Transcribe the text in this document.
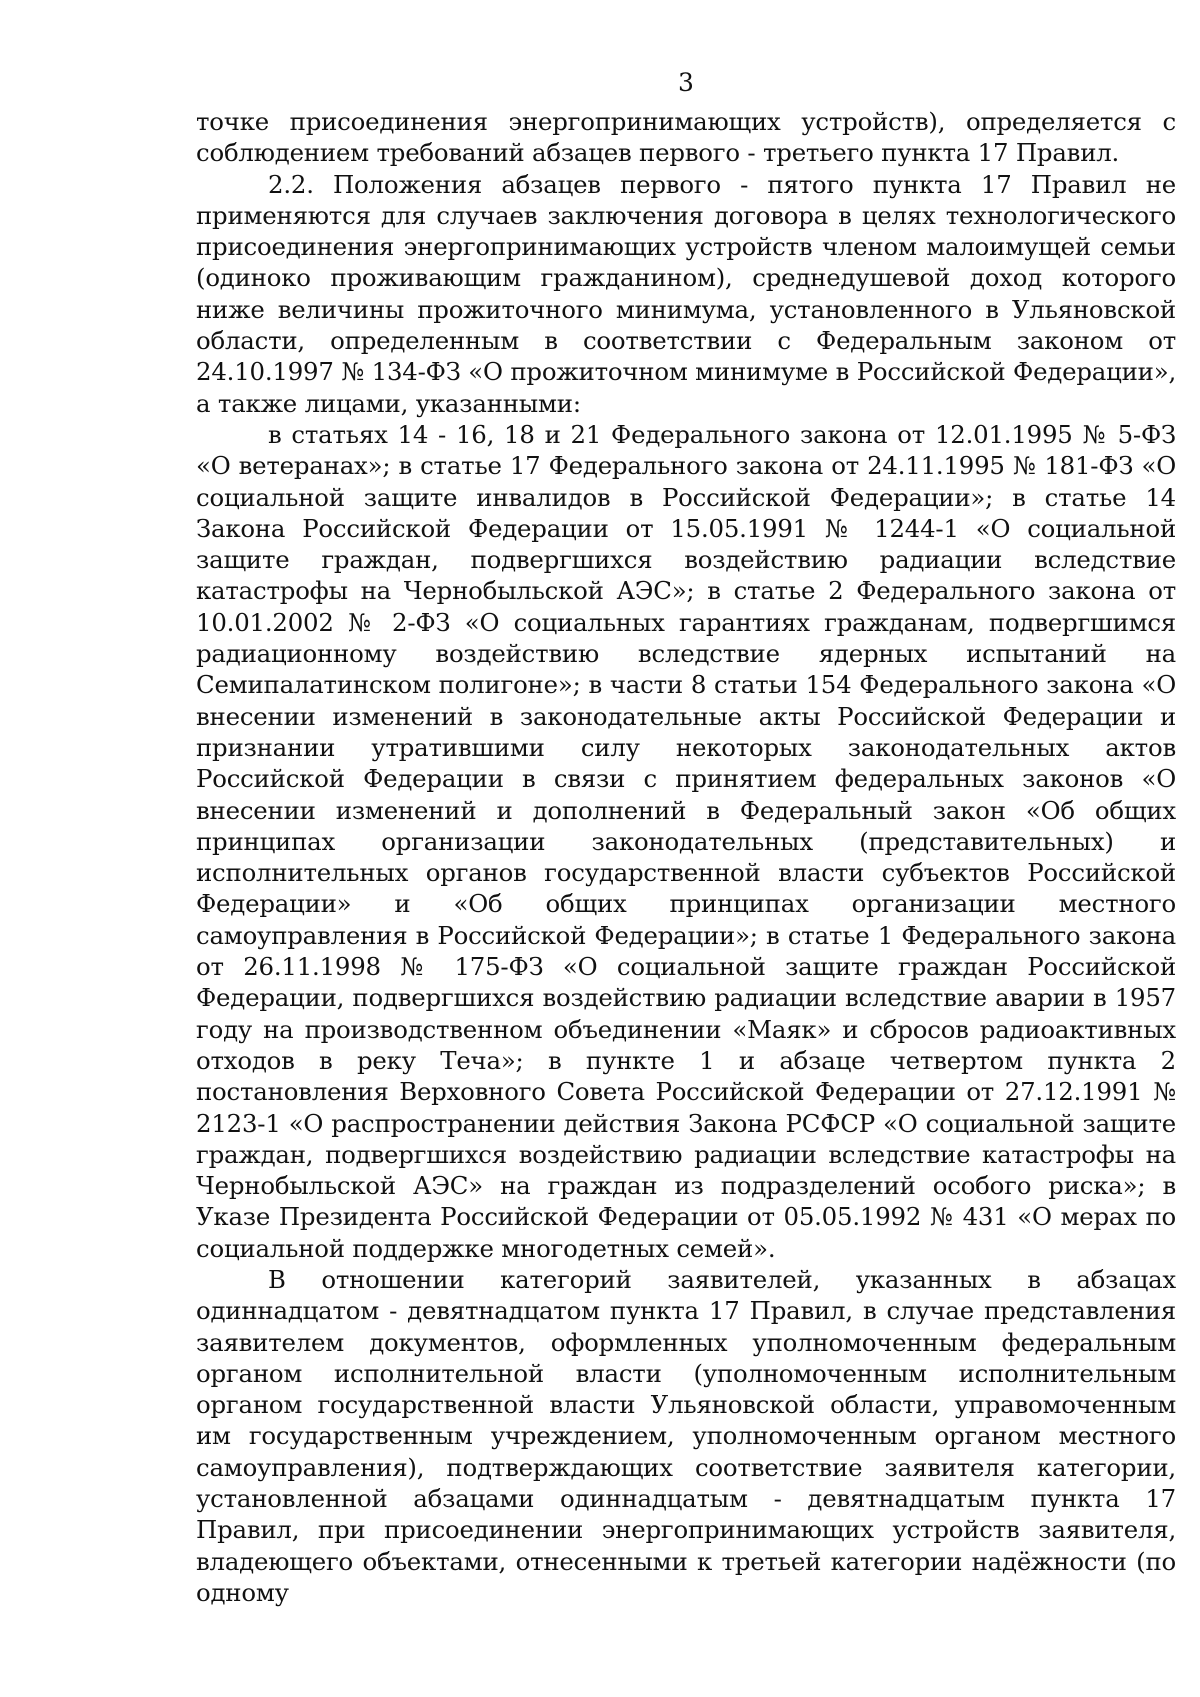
3

точке присоединения энергопринимающих устройств), определяется с соблюдением требований абзацев первого - третьего пункта 17 Правил.

2.2. Положения абзацев первого - пятого пункта 17 Правил не применяются для случаев заключения договора в целях технологического присоединения энергопринимающих устройств членом малоимущей семьи (одиноко проживающим гражданином), среднедушевой доход которого ниже величины прожиточного минимума, установленного в Ульяновской области, определенным в соответствии с Федеральным законом от 24.10.1997 № 134-ФЗ «О прожиточном минимуме в Российской Федерации», а также лицами, указанными:

в статьях 14 - 16, 18 и 21 Федерального закона от 12.01.1995 № 5-ФЗ «О ветеранах»; в статье 17 Федерального закона от 24.11.1995 № 181-ФЗ «О социальной защите инвалидов в Российской Федерации»; в статье 14 Закона Российской Федерации от 15.05.1991 № 1244-1 «О социальной защите граждан, подвергшихся воздействию радиации вследствие катастрофы на Чернобыльской АЭС»; в статье 2 Федерального закона от 10.01.2002 № 2-ФЗ «О социальных гарантиях гражданам, подвергшимся радиационному воздействию вследствие ядерных испытаний на Семипалатинском полигоне»; в части 8 статьи 154 Федерального закона «О внесении изменений в законодательные акты Российской Федерации и признании утратившими силу некоторых законодательных актов Российской Федерации в связи с принятием федеральных законов «О внесении изменений и дополнений в Федеральный закон «Об общих принципах организации законодательных (представительных) и исполнительных органов государственной власти субъектов Российской Федерации» и «Об общих принципах организации местного самоуправления в Российской Федерации»; в статье 1 Федерального закона от 26.11.1998 № 175-ФЗ «О социальной защите граждан Российской Федерации, подвергшихся воздействию радиации вследствие аварии в 1957 году на производственном объединении «Маяк» и сбросов радиоактивных отходов в реку Теча»; в пункте 1 и абзаце четвертом пункта 2 постановления Верховного Совета Российской Федерации от 27.12.1991 № 2123-1 «О распространении действия Закона РСФСР «О социальной защите граждан, подвергшихся воздействию радиации вследствие катастрофы на Чернобыльской АЭС» на граждан из подразделений особого риска»; в Указе Президента Российской Федерации от 05.05.1992 № 431 «О мерах по социальной поддержке многодетных семей».

В отношении категорий заявителей, указанных в абзацах одиннадцатом - девятнадцатом пункта 17 Правил, в случае представления заявителем документов, оформленных уполномоченным федеральным органом исполнительной власти (уполномоченным исполнительным органом государственной власти Ульяновской области, управомоченным им государственным учреждением, уполномоченным органом местного самоуправления), подтверждающих соответствие заявителя категории, установленной абзацами одиннадцатым - девятнадцатым пункта 17 Правил, при присоединении энергопринимающих устройств заявителя, владеющего объектами, отнесенными к третьей категории надёжности (по одному
